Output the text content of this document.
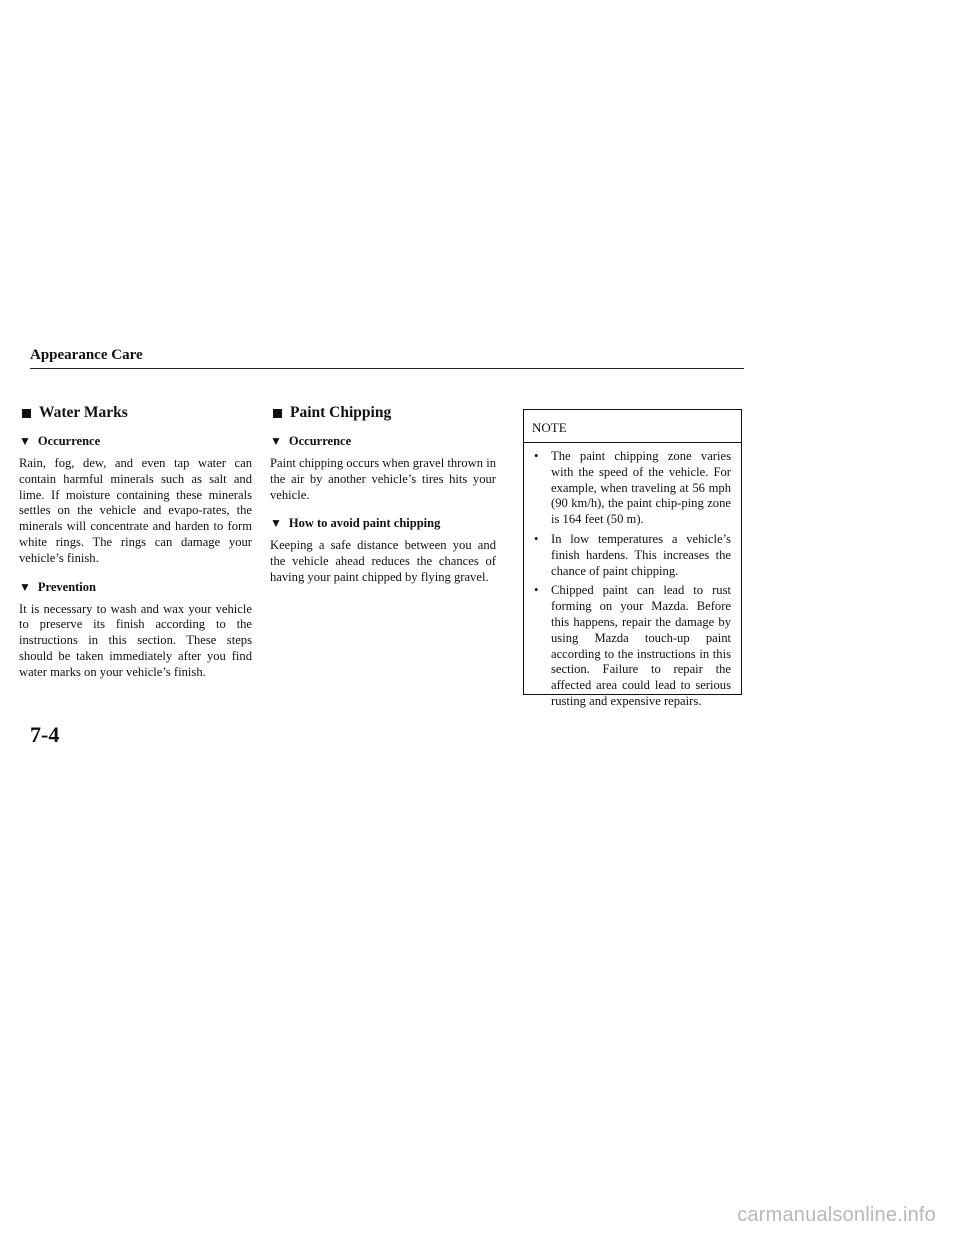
Appearance Care
Water Marks
▼ Occurrence

Rain, fog, dew, and even tap water can contain harmful minerals such as salt and lime. If moisture containing these minerals settles on the vehicle and evapo-rates, the minerals will concentrate and harden to form white rings. The rings can damage your vehicle’s finish.

▼ Prevention

It is necessary to wash and wax your vehicle to preserve its finish according to the instructions in this section. These steps should be taken immediately after you find water marks on your vehicle’s finish.

Paint Chipping
▼ Occurrence

Paint chipping occurs when gravel thrown in the air by another vehicle’s tires hits your vehicle.

▼ How to avoid paint chipping

Keeping a safe distance between you and the vehicle ahead reduces the chances of having your paint chipped by flying gravel.

NOTE
• The paint chipping zone varies with the speed of the vehicle. For example, when traveling at 56 mph (90 km/h), the paint chip-ping zone is 164 feet (50 m).
• In low temperatures a vehicle’s finish hardens. This increases the chance of paint chipping.
• Chipped paint can lead to rust forming on your Mazda. Before this happens, repair the damage by using Mazda touch-up paint according to the instructions in this section. Failure to repair the affected area could lead to serious rusting and expensive repairs.
7-4
carmanualsonline.info
